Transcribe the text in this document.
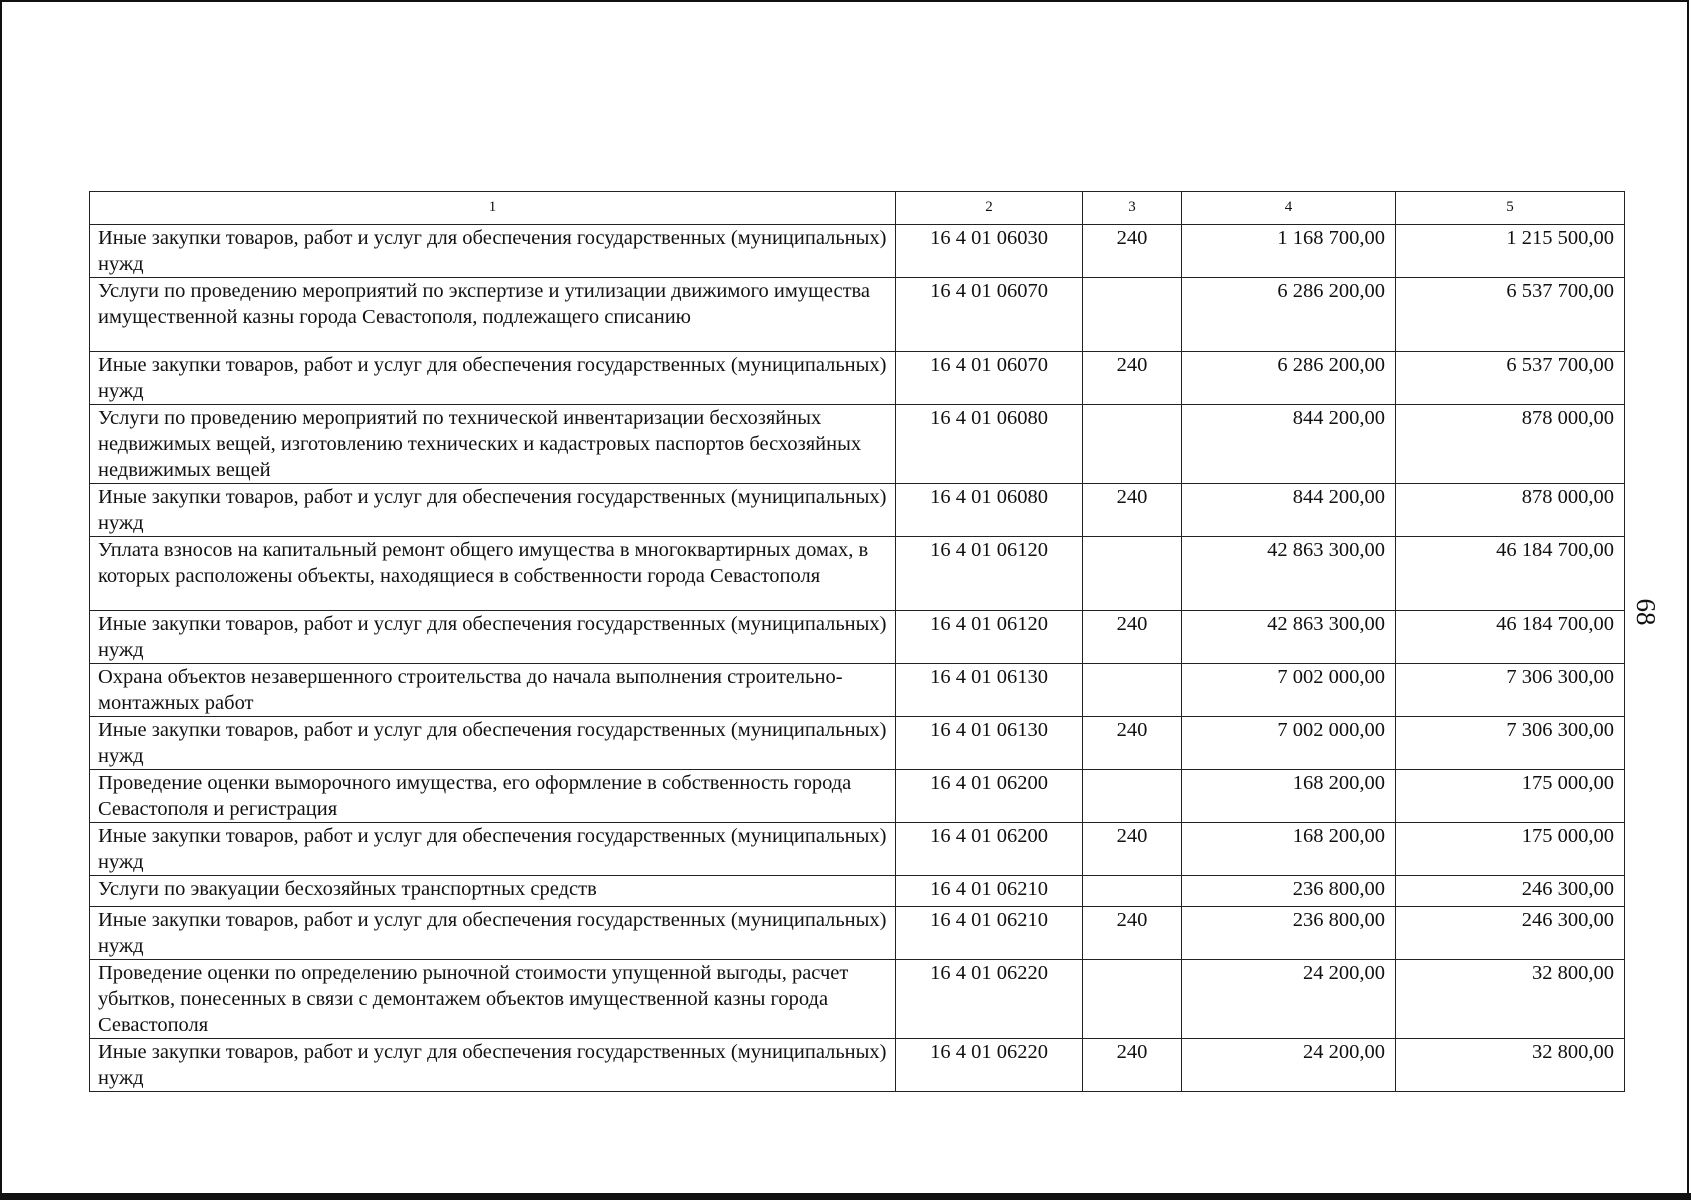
1	2	3	4	5
Иные закупки товаров, работ и услуг для обеспечения государственных (муниципальных) нужд	16 4 01 06030	240	1 168 700,00	1 215 500,00
Услуги по проведению мероприятий по экспертизе и утилизации движимого имущества имущественной казны города Севастополя, подлежащего списанию	16 4 01 06070		6 286 200,00	6 537 700,00
Иные закупки товаров, работ и услуг для обеспечения государственных (муниципальных) нужд	16 4 01 06070	240	6 286 200,00	6 537 700,00
Услуги по проведению мероприятий по технической инвентаризации бесхозяйных недвижимых вещей, изготовлению технических и кадастровых паспортов бесхозяйных недвижимых вещей	16 4 01 06080		844 200,00	878 000,00
Иные закупки товаров, работ и услуг для обеспечения государственных (муниципальных) нужд	16 4 01 06080	240	844 200,00	878 000,00
Уплата взносов на капитальный ремонт общего имущества в многоквартирных домах, в которых расположены объекты, находящиеся в собственности города Севастополя	16 4 01 06120		42 863 300,00	46 184 700,00
Иные закупки товаров, работ и услуг для обеспечения государственных (муниципальных) нужд	16 4 01 06120	240	42 863 300,00	46 184 700,00
Охрана объектов незавершенного строительства до начала выполнения строительно-монтажных работ	16 4 01 06130		7 002 000,00	7 306 300,00
Иные закупки товаров, работ и услуг для обеспечения государственных (муниципальных) нужд	16 4 01 06130	240	7 002 000,00	7 306 300,00
Проведение оценки выморочного имущества, его оформление в собственность города Севастополя и регистрация	16 4 01 06200		168 200,00	175 000,00
Иные закупки товаров, работ и услуг для обеспечения государственных (муниципальных) нужд	16 4 01 06200	240	168 200,00	175 000,00
Услуги по эвакуации бесхозяйных транспортных средств	16 4 01 06210		236 800,00	246 300,00
Иные закупки товаров, работ и услуг для обеспечения государственных (муниципальных) нужд	16 4 01 06210	240	236 800,00	246 300,00
Проведение оценки по определению рыночной стоимости упущенной выгоды, расчет убытков, понесенных в связи с демонтажем объектов имущественной казны города Севастополя	16 4 01 06220		24 200,00	32 800,00
Иные закупки товаров, работ и услуг для обеспечения государственных (муниципальных) нужд	16 4 01 06220	240	24 200,00	32 800,00
68
